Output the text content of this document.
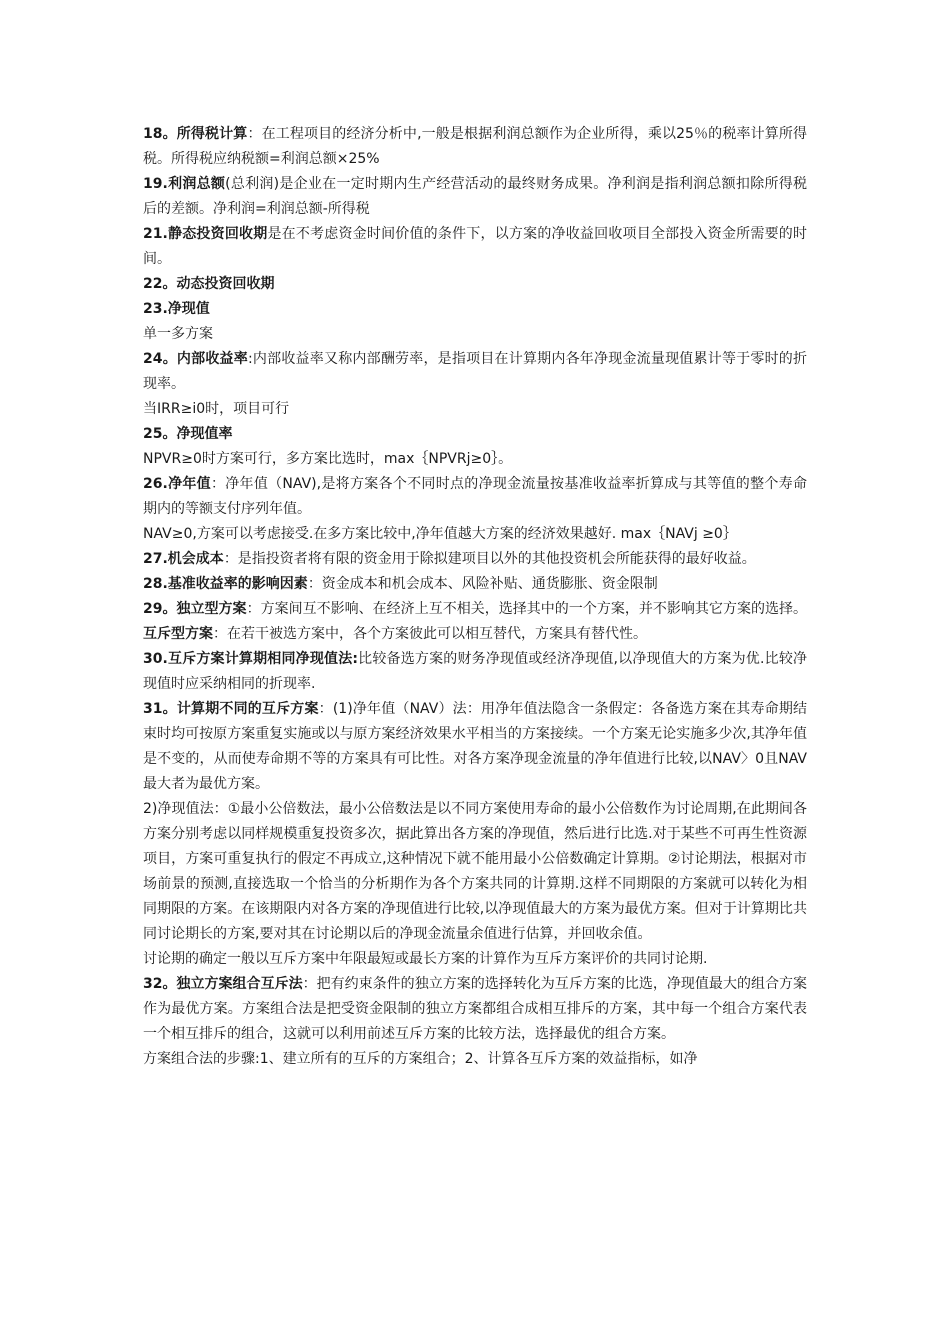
18。所得税计算：在工程项目的经济分析中,一般是根据利润总额作为企业所得，乘以25％的税率计算所得税。所得税应纳税额=利润总额×25%

19.利润总额(总利润)是企业在一定时期内生产经营活动的最终财务成果。净利润是指利润总额扣除所得税后的差额。净利润=利润总额-所得税

21.静态投资回收期是在不考虑资金时间价值的条件下，以方案的净收益回收项目全部投入资金所需要的时间。

22。动态投资回收期

23.净现值

单一多方案

24。内部收益率:内部收益率又称内部酬劳率，是指项目在计算期内各年净现金流量现值累计等于零时的折现率。

当IRR≥i0时，项目可行

25。净现值率

NPVR≥0时方案可行，多方案比选时，max｛NPVRj≥0｝。

26.净年值：净年值（NAV),是将方案各个不同时点的净现金流量按基准收益率折算成与其等值的整个寿命期内的等额支付序列年值。

NAV≥0,方案可以考虑接受.在多方案比较中,净年值越大方案的经济效果越好. max｛NAVj ≥0｝

27.机会成本：是指投资者将有限的资金用于除拟建项目以外的其他投资机会所能获得的最好收益。

28.基准收益率的影响因素：资金成本和机会成本、风险补贴、通货膨胀、资金限制

29。独立型方案：方案间互不影响、在经济上互不相关，选择其中的一个方案，并不影响其它方案的选择。互斥型方案：在若干被选方案中，各个方案彼此可以相互替代，方案具有替代性。

30.互斥方案计算期相同净现值法:比较备选方案的财务净现值或经济净现值,以净现值大的方案为优.比较净现值时应采纳相同的折现率.

31。计算期不同的互斥方案：(1)净年值（NAV）法：用净年值法隐含一条假定：各备选方案在其寿命期结束时均可按原方案重复实施或以与原方案经济效果水平相当的方案接续。一个方案无论实施多少次,其净年值是不变的，从而使寿命期不等的方案具有可比性。对各方案净现金流量的净年值进行比较,以NAV〉0且NAV最大者为最优方案。

2)净现值法：①最小公倍数法，最小公倍数法是以不同方案使用寿命的最小公倍数作为讨论周期,在此期间各方案分别考虑以同样规模重复投资多次，据此算出各方案的净现值，然后进行比选.对于某些不可再生性资源项目，方案可重复执行的假定不再成立,这种情况下就不能用最小公倍数确定计算期。②讨论期法，根据对市场前景的预测,直接选取一个恰当的分析期作为各个方案共同的计算期.这样不同期限的方案就可以转化为相同期限的方案。在该期限内对各方案的净现值进行比较,以净现值最大的方案为最优方案。但对于计算期比共同讨论期长的方案,要对其在讨论期以后的净现金流量余值进行估算，并回收余值。

讨论期的确定一般以互斥方案中年限最短或最长方案的计算作为互斥方案评价的共同讨论期.

32。独立方案组合互斥法：把有约束条件的独立方案的选择转化为互斥方案的比选，净现值最大的组合方案作为最优方案。方案组合法是把受资金限制的独立方案都组合成相互排斥的方案，其中每一个组合方案代表一个相互排斥的组合，这就可以利用前述互斥方案的比较方法，选择最优的组合方案。

方案组合法的步骤:1、建立所有的互斥的方案组合；2、计算各互斥方案的效益指标，如净
